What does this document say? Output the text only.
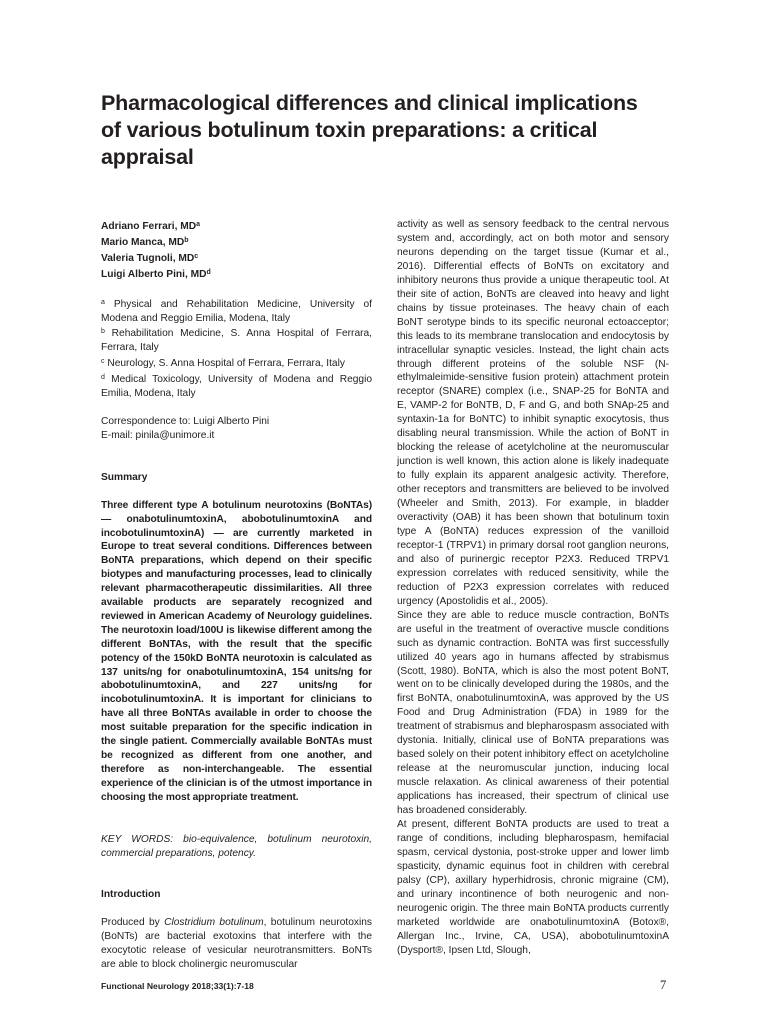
Pharmacological differences and clinical implications of various botulinum toxin preparations: a critical appraisal
Adriano Ferrari, $MD^a$
Mario Manca, $MD^b$
Valeria Tugnoli, $MD^c$
Luigi Alberto Pini, $MD^d$
$^a$ Physical and Rehabilitation Medicine, University of Modena and Reggio Emilia, Modena, Italy
$^b$ Rehabilitation Medicine, S. Anna Hospital of Ferrara, Ferrara, Italy
$^c$ Neurology, S. Anna Hospital of Ferrara, Ferrara, Italy
$^d$ Medical Toxicology, University of Modena and Reggio Emilia, Modena, Italy
Correspondence to: Luigi Alberto Pini
E-mail: pinila@unimore.it
Summary
Three different type A botulinum neurotoxins (BoNTAs) — onabotulinumtoxinA, abobotulinumtoxinA and incobotulinumtoxinA) — are currently marketed in Europe to treat several conditions. Differences between BoNTA preparations, which depend on their specific biotypes and manufacturing processes, lead to clinically relevant pharmacotherapeutic dissimilarities. All three available products are separately recognized and reviewed in American Academy of Neurology guidelines. The neurotoxin load/100U is likewise different among the different BoNTAs, with the result that the specific potency of the 150kD BoNTA neurotoxin is calculated as 137 units/ng for onabotulinumtoxinA, 154 units/ng for abobotulinumtoxinA, and 227 units/ng for incobotulinumtoxinA. It is important for clinicians to have all three BoNTAs available in order to choose the most suitable preparation for the specific indication in the single patient. Commercially available BoNTAs must be recognized as different from one another, and therefore as non-interchangeable. The essential experience of the clinician is of the utmost importance in choosing the most appropriate treatment.
KEY WORDS: bio-equivalence, botulinum neurotoxin, commercial preparations, potency.
Introduction
Produced by Clostridium botulinum, botulinum neurotoxins (BoNTs) are bacterial exotoxins that interfere with the exocytotic release of vesicular neurotransmitters. BoNTs are able to block cholinergic neuromuscular

activity as well as sensory feedback to the central nervous system and, accordingly, act on both motor and sensory neurons depending on the target tissue (Kumar et al., 2016). Differential effects of BoNTs on excitatory and inhibitory neurons thus provide a unique therapeutic tool. At their site of action, BoNTs are cleaved into heavy and light chains by tissue proteinases. The heavy chain of each BoNT serotype binds to its specific neuronal ectoacceptor; this leads to its membrane translocation and endocytosis by intracellular synaptic vesicles. Instead, the light chain acts through different proteins of the soluble NSF (N-ethylmaleimide-sensitive fusion protein) attachment protein receptor (SNARE) complex (i.e., SNAP-25 for BoNTA and E, VAMP-2 for BoNTB, D, F and G, and both SNAp-25 and syntaxin-1a for BoNTC) to inhibit synaptic exocytosis, thus disabling neural transmission. While the action of BoNT in blocking the release of acetylcholine at the neuromuscular junction is well known, this action alone is likely inadequate to fully explain its apparent analgesic activity. Therefore, other receptors and transmitters are believed to be involved (Wheeler and Smith, 2013). For example, in bladder overactivity (OAB) it has been shown that botulinum toxin type A (BoNTA) reduces expression of the vanilloid receptor-1 (TRPV1) in primary dorsal root ganglion neurons, and also of purinergic receptor P2X3. Reduced TRPV1 expression correlates with reduced sensitivity, while the reduction of P2X3 expression correlates with reduced urgency (Apostolidis et al., 2005).

Since they are able to reduce muscle contraction, BoNTs are useful in the treatment of overactive muscle conditions such as dynamic contraction. BoNTA was first successfully utilized 40 years ago in humans affected by strabismus (Scott, 1980). BoNTA, which is also the most potent BoNT, went on to be clinically developed during the 1980s, and the first BoNTA, onabotulinumtoxinA, was approved by the US Food and Drug Administration (FDA) in 1989 for the treatment of strabismus and blepharospasm associated with dystonia. Initially, clinical use of BoNTA preparations was based solely on their potent inhibitory effect on acetylcholine release at the neuromuscular junction, inducing local muscle relaxation. As clinical awareness of their potential applications has increased, their spectrum of clinical use has broadened considerably.

At present, different BoNTA products are used to treat a range of conditions, including blepharospasm, hemifacial spasm, cervical dystonia, post-stroke upper and lower limb spasticity, dynamic equinus foot in children with cerebral palsy (CP), axillary hyperhidrosis, chronic migraine (CM), and urinary incontinence of both neurogenic and non-neurogenic origin. The three main BoNTA products currently marketed worldwide are onabotulinumtoxinA (Botox®, Allergan Inc., Irvine, CA, USA), abobotulinumtoxinA (Dysport®, Ipsen Ltd, Slough,

Functional Neurology 2018;33(1):7-18	7
